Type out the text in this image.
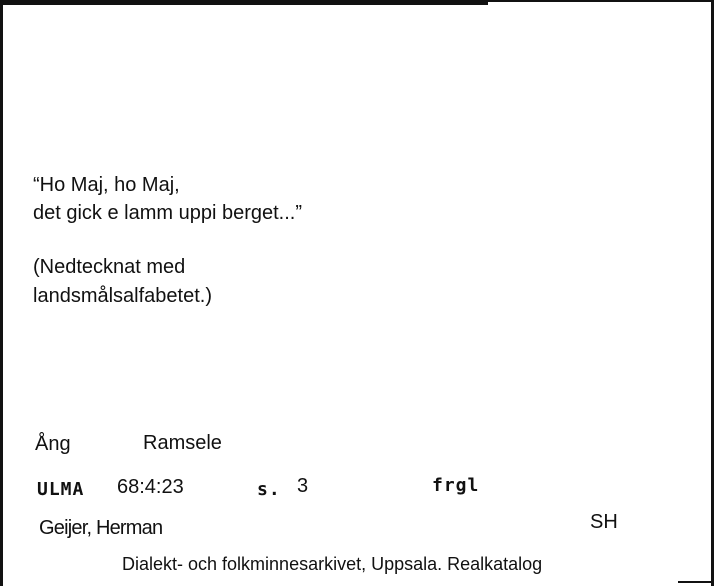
“Ho Maj, ho Maj,
det gick e lamm uppi berget...”
(Nedtecknat med
landsmålsalfabetet.)
Ång	Ramsele
ULMA 68:4:23	s. 3	frgl
Geijer, Herman	SH
Dialekt- och folkminnesarkivet, Uppsala. Realkatalog
